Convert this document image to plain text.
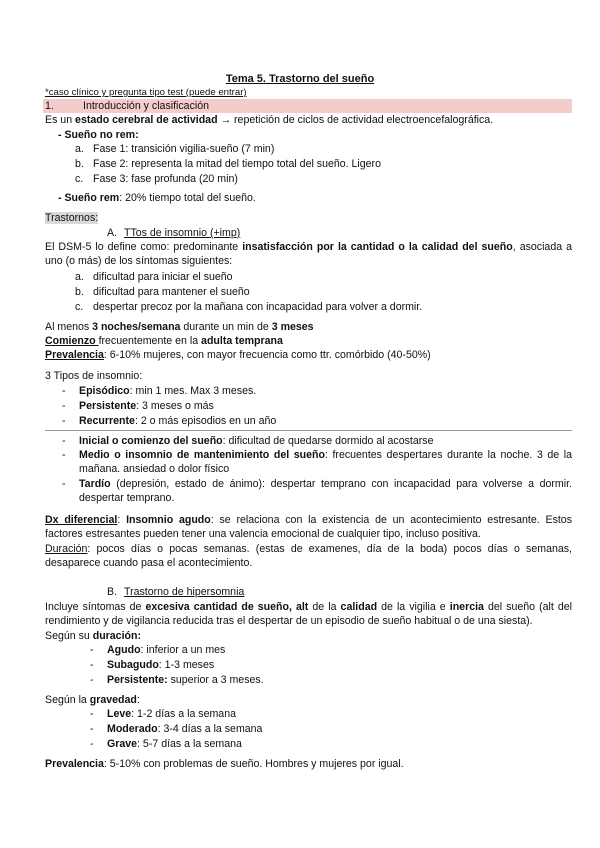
Tema 5. Trastorno del sueño
*caso clínico y pregunta tipo test (puede entrar)
1.	Introducción y clasificación
Es un estado cerebral de actividad → repetición de ciclos de actividad electroencefalográfica.
- Sueño no rem:
a. Fase 1: transición vigilia-sueño (7 min)
b. Fase 2: representa la mitad del tiempo total del sueño. Ligero
c. Fase 3: fase profunda (20 min)
- Sueño rem: 20% tiempo total del sueño.
Trastornos:
A. TTos de insomnio (+imp)
El DSM-5 lo define como: predominante insatisfacción por la cantidad o la calidad del sueño, asociada a uno (o más) de los síntomas siguientes:
a. dificultad para iniciar el sueño
b. dificultad para mantener el sueño
c. despertar precoz por la mañana con incapacidad para volver a dormir.
Al menos 3 noches/semana durante un min de 3 meses
Comienzo frecuentemente en la adulta temprana
Prevalencia: 6-10% mujeres, con mayor frecuencia como ttr. comórbido (40-50%)
3 Tipos de insomnio:
- Episódico: min 1 mes. Max 3 meses.
- Persistente: 3 meses o más
- Recurrente: 2 o más episodios en un año
- Inicial o comienzo del sueño: dificultad de quedarse dormido al acostarse
-	Medio o insomnio de mantenimiento del sueño: frecuentes despertares durante la noche. 3 de la mañana. ansiedad o dolor físico
-	Tardío (depresión, estado de ánimo): despertar temprano con incapacidad para volverse a dormir. despertar temprano.
Dx diferencial: Insomnio agudo: se relaciona con la existencia de un acontecimiento estresante. Estos factores estresantes pueden tener una valencia emocional de cualquier tipo, incluso positiva.
Duración: pocos días o pocas semanas. (estas de examenes, día de la boda) pocos días o semanas, desaparece cuando pasa el acontecimiento.
B. Trastorno de hipersomnia
Incluye síntomas de excesiva cantidad de sueño, alt de la calidad de la vigilia e inercia del sueño (alt del rendimiento y de vigilancia reducida tras el despertar de un episodio de sueño habitual o de una siesta).
Según su duración:
- Agudo: inferior a un mes
- Subagudo: 1-3 meses
- Persistente: superior a 3 meses.
Según la gravedad:
- Leve: 1-2 días a la semana
- Moderado: 3-4 días a la semana
- Grave: 5-7 días a la semana
Prevalencia: 5-10% con problemas de sueño. Hombres y mujeres por igual.
